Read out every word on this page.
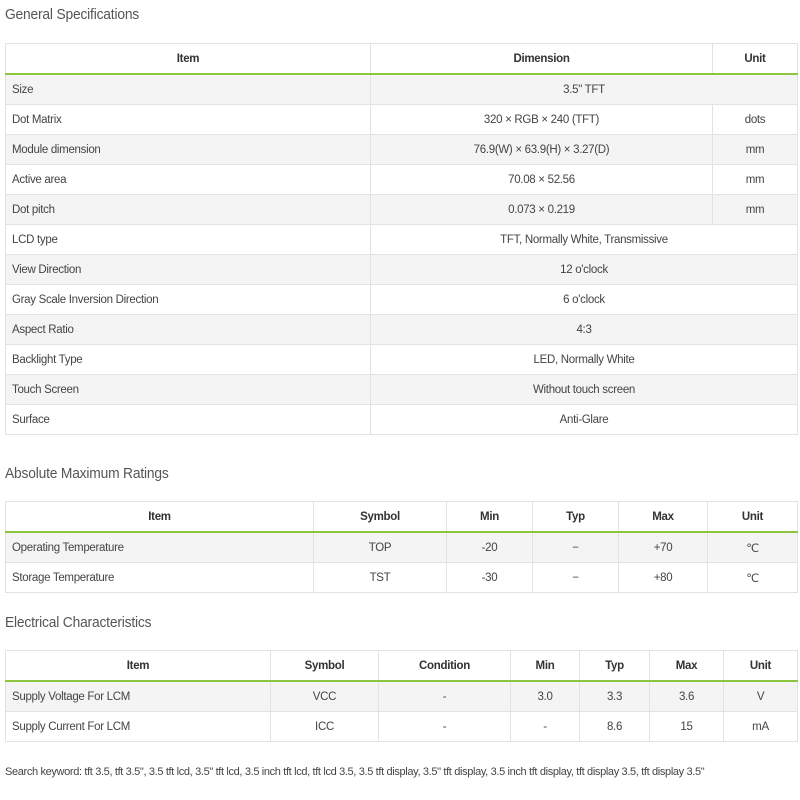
General Specifications
Item	Dimension	Unit
Size	3.5" TFT	
Dot Matrix	320 × RGB × 240 (TFT)	dots
Module dimension	76.9(W) × 63.9(H) × 3.27(D)	mm
Active area	70.08 × 52.56	mm
Dot pitch	0.073 × 0.219	mm
LCD type	TFT, Normally White, Transmissive	
View Direction	12 o'clock	
Gray Scale Inversion Direction	6 o'clock	
Aspect Ratio	4:3	
Backlight Type	LED, Normally White	
Touch Screen	Without touch screen	
Surface	Anti-Glare	
Absolute Maximum Ratings
Item	Symbol	Min	Typ	Max	Unit
Operating Temperature	TOP	-20	−	+70	℃
Storage Temperature	TST	-30	−	+80	℃
Electrical Characteristics
Item	Symbol	Condition	Min	Typ	Max	Unit
Supply Voltage For LCM	VCC	-	3.0	3.3	3.6	V
Supply Current For LCM	ICC	-	-	8.6	15	mA
Search keyword: tft 3.5, tft 3.5", 3.5 tft lcd, 3.5" tft lcd, 3.5 inch tft lcd, tft lcd 3.5, 3.5 tft display, 3.5" tft display, 3.5 inch tft display, tft display 3.5, tft display 3.5"
